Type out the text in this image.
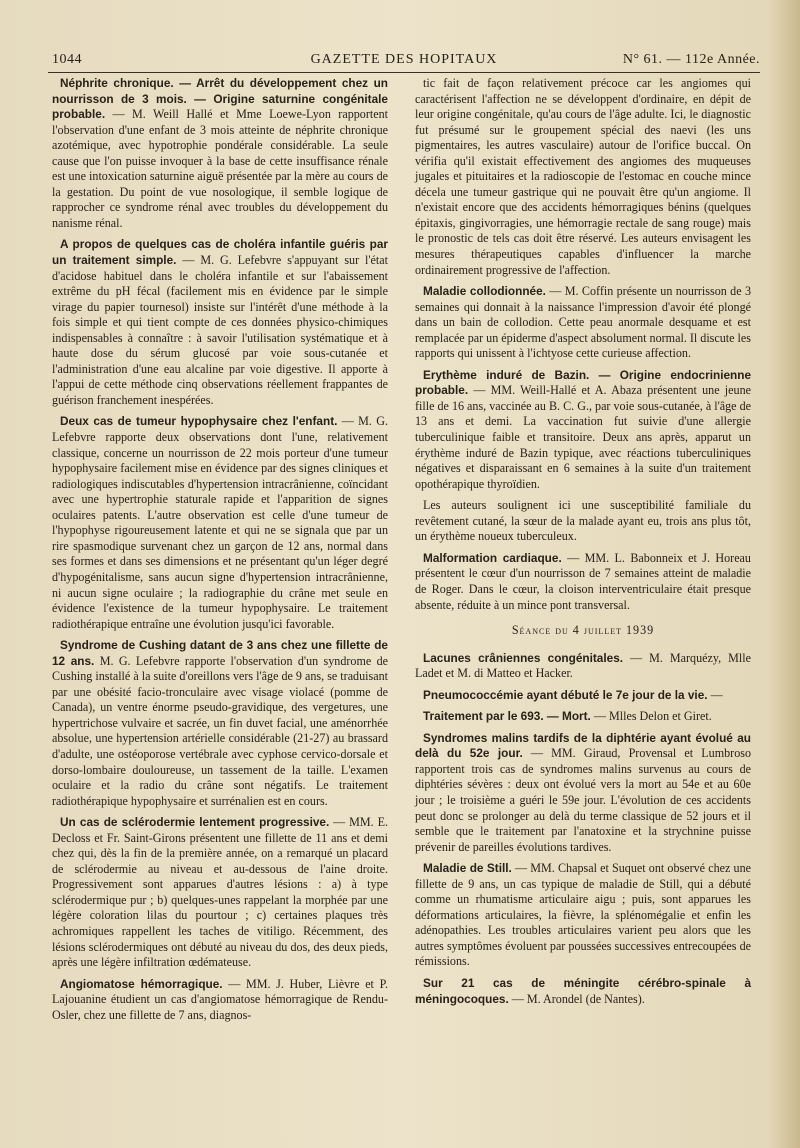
1044	GAZETTE DES HOPITAUX	N° 61. — 112e Année.

Néphrite chronique. — Arrêt du développement chez un nourrisson de 3 mois. — Origine saturnine congénitale probable. — M. Weill Hallé et Mme Loewe-Lyon rapportent l'observation d'une enfant de 3 mois atteinte de néphrite chronique azotémique, avec hypotrophie pondérale considérable. La seule cause que l'on puisse invoquer à la base de cette insuffisance rénale est une intoxication saturnine aiguë présentée par la mère au cours de la gestation. Du point de vue nosologique, il semble logique de rapprocher ce syndrome rénal avec troubles du développement du nanisme rénal.

A propos de quelques cas de choléra infantile guéris par un traitement simple. — M. G. Lefebvre s'appuyant sur l'état d'acidose habituel dans le choléra infantile et sur l'abaissement extrême du pH fécal (facilement mis en évidence par le simple virage du papier tournesol) insiste sur l'intérêt d'une méthode à la fois simple et qui tient compte de ces données physico-chimiques indispensables à connaître : à savoir l'utilisation systématique et à haute dose du sérum glucosé par voie sous-cutanée et l'administration d'une eau alcaline par voie digestive. Il apporte à l'appui de cette méthode cinq observations réellement frappantes de guérison franchement inespérées.

Deux cas de tumeur hypophysaire chez l'enfant. — M. G. Lefebvre rapporte deux observations dont l'une, relativement classique, concerne un nourrisson de 22 mois porteur d'une tumeur hypophysaire facilement mise en évidence par des signes cliniques et radiologiques indiscutables d'hypertension intracrânienne, coïncidant avec une hypertrophie staturale rapide et l'apparition de signes oculaires patents. L'autre observation est celle d'une tumeur de l'hypophyse rigoureusement latente et qui ne se signala que par un rire spasmodique survenant chez un garçon de 12 ans, normal dans ses formes et dans ses dimensions et ne présentant qu'un léger degré d'hypogénitalisme, sans aucun signe d'hypertension intracrânienne, ni aucun signe oculaire ; la radiographie du crâne met seule en évidence l'existence de la tumeur hypophysaire. Le traitement radiothérapique entraîne une évolution jusqu'ici favorable.

Syndrome de Cushing datant de 3 ans chez une fillette de 12 ans. M. G. Lefebvre rapporte l'observation d'un syndrome de Cushing installé à la suite d'oreillons vers l'âge de 9 ans, se traduisant par une obésité facio-tronculaire avec visage violacé (pomme de Canada), un ventre énorme pseudo-gravidique, des vergetures, une hypertrichose vulvaire et sacrée, un fin duvet facial, une aménorrhée absolue, une hypertension artérielle considérable (21-27) au brassard d'adulte, une ostéoporose vertébrale avec cyphose cervico-dorsale et dorso-lombaire douloureuse, un tassement de la taille. L'examen oculaire et la radio du crâne sont négatifs. Le traitement radiothérapique hypophysaire et surrénalien est en cours.

Un cas de sclérodermie lentement progressive. — MM. E. Decloss et Fr. Saint-Girons présentent une fillette de 11 ans et demi chez qui, dès la fin de la première année, on a remarqué un placard de sclérodermie au niveau et au-dessous de l'aine droite. Progressivement sont apparues d'autres lésions : a) à type sclérodermique pur ; b) quelques-unes rappelant la morphée par une légère coloration lilas du pourtour ; c) certaines plaques très achromiques rappellent les taches de vitiligo. Récemment, des lésions sclérodermiques ont débuté au niveau du dos, des deux pieds, après une légère infiltration œdémateuse.

Angiomatose hémorragique. — MM. J. Huber, Lièvre et P. Lajouanine étudient un cas d'angiomatose hémorragique de Rendu-Osler, chez une fillette de 7 ans, diagnos-

tic fait de façon relativement précoce car les angiomes qui caractérisent l'affection ne se développent d'ordinaire, en dépit de leur origine congénitale, qu'au cours de l'âge adulte. Ici, le diagnostic fut présumé sur le groupement spécial des naevi (les uns pigmentaires, les autres vasculaire) autour de l'orifice buccal. On vérifia qu'il existait effectivement des angiomes des muqueuses jugales et pituitaires et la radioscopie de l'estomac en couche mince décela une tumeur gastrique qui ne pouvait être qu'un angiome. Il n'existait encore que des accidents hémorragiques bénins (quelques épitaxis, gingivorragies, une hémorragie rectale de sang rouge) mais le pronostic de tels cas doit être réservé. Les auteurs envisagent les mesures thérapeutiques capables d'influencer la marche ordinairement progressive de l'affection.

Maladie collodionnée. — M. Coffin présente un nourrisson de 3 semaines qui donnait à la naissance l'impression d'avoir été plongé dans un bain de collodion. Cette peau anormale desquame et est remplacée par un épiderme d'aspect absolument normal. Il discute les rapports qui unissent à l'ichtyose cette curieuse affection.

Erythème induré de Bazin. — Origine endocrinienne probable. — MM. Weill-Hallé et A. Abaza présentent une jeune fille de 16 ans, vaccinée au B. C. G., par voie sous-cutanée, à l'âge de 13 ans et demi. La vaccination fut suivie d'une allergie tuberculinique faible et transitoire. Deux ans après, apparut un érythème induré de Bazin typique, avec réactions tuberculiniques négatives et disparaissant en 6 semaines à la suite d'un traitement opothérapique thyroïdien.

Les auteurs soulignent ici une susceptibilité familiale du revêtement cutané, la sœur de la malade ayant eu, trois ans plus tôt, un érythème noueux tuberculeux.

Malformation cardiaque. — MM. L. Babonneix et J. Horeau présentent le cœur d'un nourrisson de 7 semaines atteint de maladie de Roger. Dans le cœur, la cloison interventriculaire était presque absente, réduite à un mince pont transversal.

Séance du 4 juillet 1939

Lacunes crâniennes congénitales. — M. Marquézy, Mlle Ladet et M. di Matteo et Hacker.

Pneumococcémie ayant débuté le 7e jour de la vie. —

Traitement par le 693. — Mort. — Mlles Delon et Giret.

Syndromes malins tardifs de la diphtérie ayant évolué au delà du 52e jour. — MM. Giraud, Provensal et Lumbroso rapportent trois cas de syndromes malins survenus au cours de diphtéries sévères : deux ont évolué vers la mort au 54e et au 60e jour ; le troisième a guéri le 59e jour. L'évolution de ces accidents peut donc se prolonger au delà du terme classique de 52 jours et il semble que le traitement par l'anatoxine et la strychnine puisse prévenir de pareilles évolutions tardives.

Maladie de Still. — MM. Chapsal et Suquet ont observé chez une fillette de 9 ans, un cas typique de maladie de Still, qui a débuté comme un rhumatisme articulaire aigu ; puis, sont apparues les déformations articulaires, la fièvre, la splénomégalie et enfin les adénopathies. Les troubles articulaires varient peu alors que les autres symptômes évoluent par poussées successives entrecoupées de rémissions.

Sur 21 cas de méningite cérébro-spinale à méningocoques. — M. Arondel (de Nantes).
